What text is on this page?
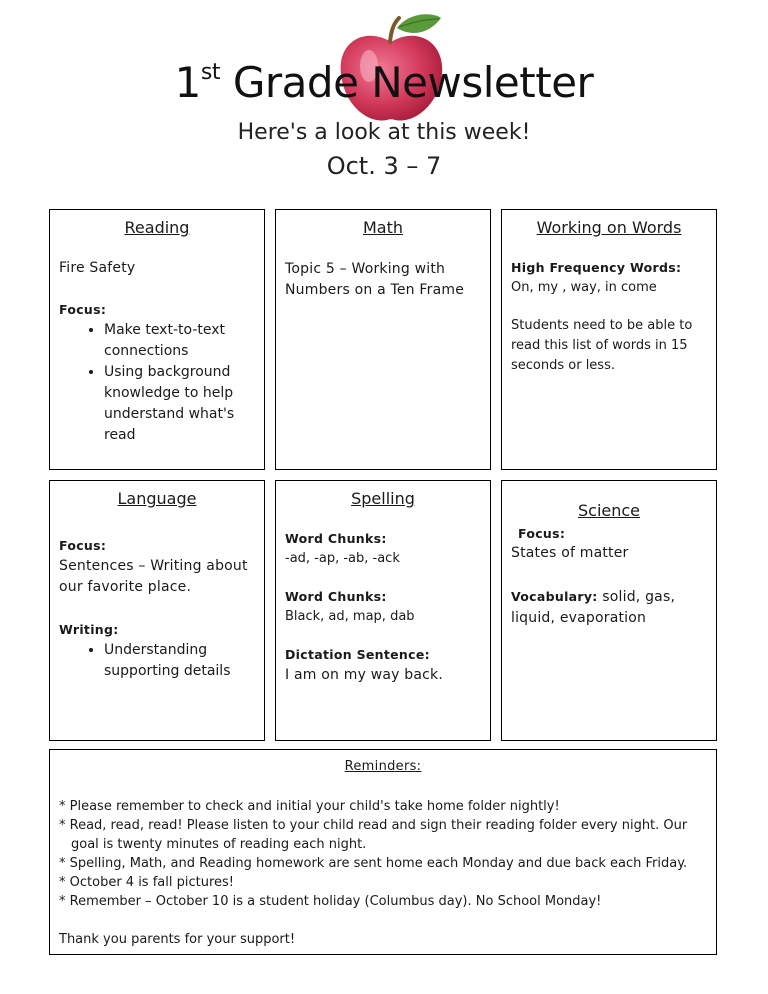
1st Grade Newsletter
Here's a look at this week!
Oct. 3 – 7
Reading
Fire Safety
Focus:
• Make text-to-text connections
• Using background knowledge to help understand what's read
Math
Topic 5 – Working with Numbers on a Ten Frame
Working on Words
High Frequency Words:
On, my , way, in come
Students need to be able to read this list of words in 15 seconds or less.
Language
Focus:
Sentences – Writing about our favorite place.
Writing:
• Understanding supporting details
Spelling
Word Chunks:
-ad, -ap, -ab, -ack
Word Chunks:
Black, ad, map, dab
Dictation Sentence:
I am on my way back.
Science
Focus:
States of matter
Vocabulary: solid, gas, liquid, evaporation
Reminders:

* Please remember to check and initial your child's take home folder nightly!

* Read, read, read! Please listen to your child read and sign their reading folder every night. Our goal is twenty minutes of reading each night.

* Spelling, Math, and Reading homework are sent home each Monday and due back each Friday.

* October 4 is fall pictures!

* Remember – October 10 is a student holiday (Columbus day). No School Monday!

Thank you parents for your support!
